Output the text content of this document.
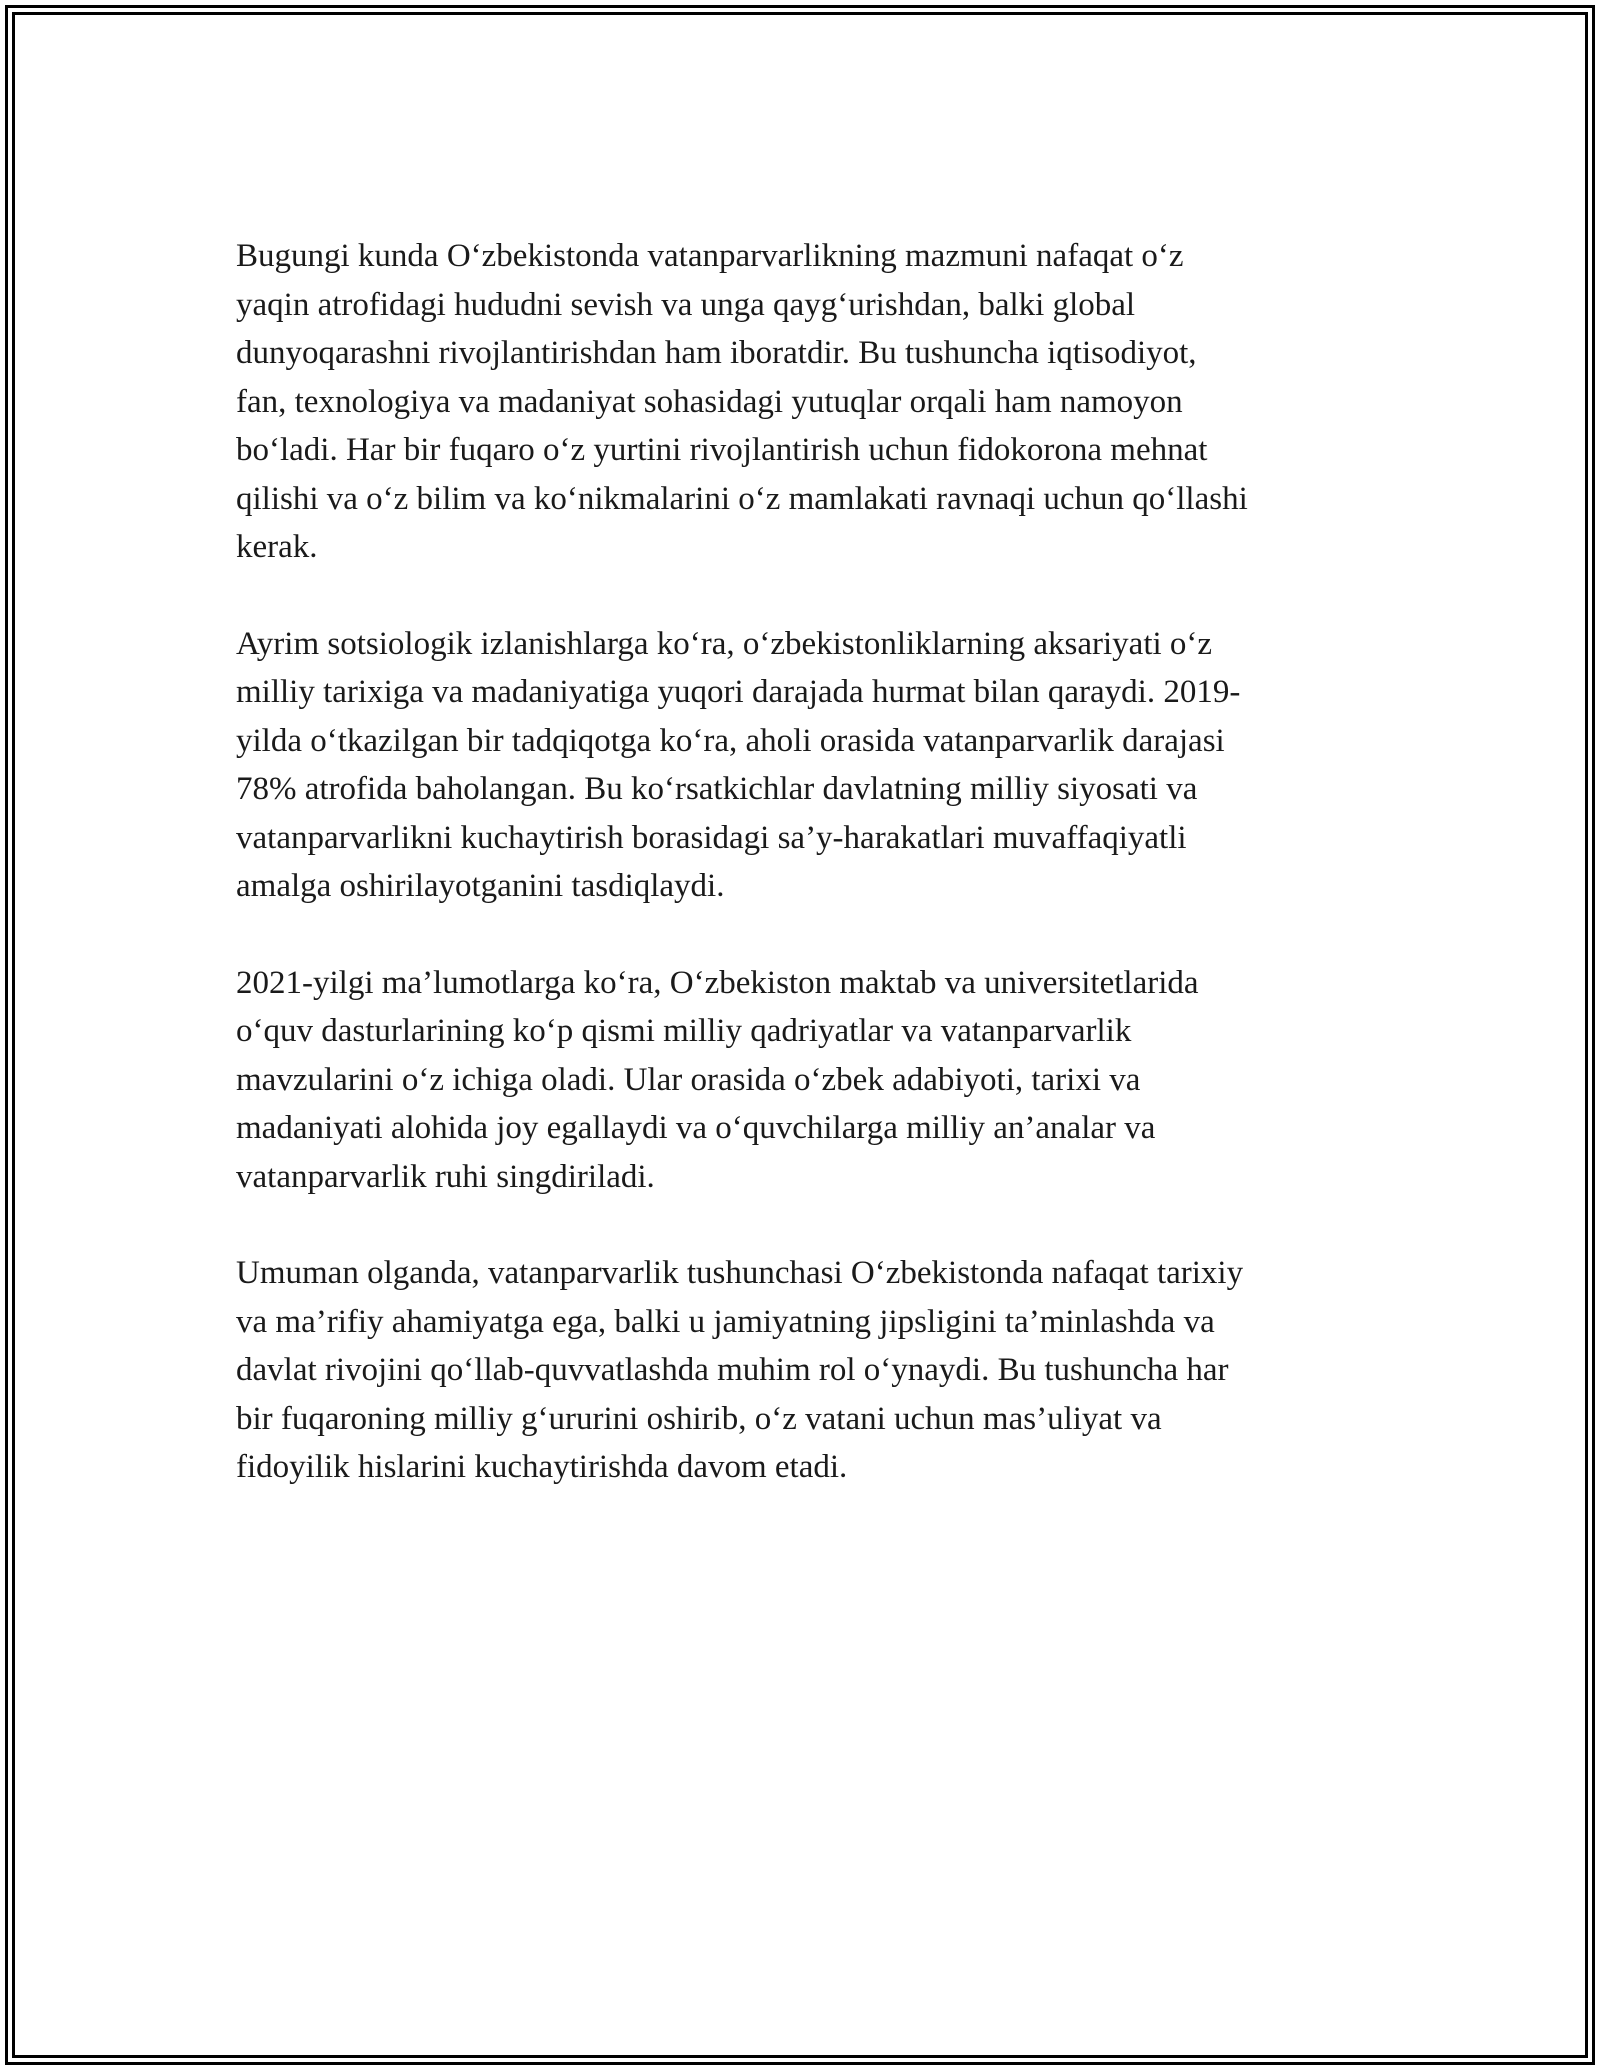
Bugungi kunda O‘zbekistonda vatanparvarlikning mazmuni nafaqat o‘z
yaqin atrofidagi hududni sevish va unga qayg‘urishdan, balki global
dunyoqarashni rivojlantirishdan ham iboratdir. Bu tushuncha iqtisodiyot,
fan, texnologiya va madaniyat sohasidagi yutuqlar orqali ham namoyon
bo‘ladi. Har bir fuqaro o‘z yurtini rivojlantirish uchun fidokorona mehnat
qilishi va o‘z bilim va ko‘nikmalarini o‘z mamlakati ravnaqi uchun qo‘llashi
kerak.

Ayrim sotsiologik izlanishlarga ko‘ra, o‘zbekistonliklarning aksariyati o‘z
milliy tarixiga va madaniyatiga yuqori darajada hurmat bilan qaraydi. 2019-
yilda o‘tkazilgan bir tadqiqotga ko‘ra, aholi orasida vatanparvarlik darajasi
78% atrofida baholangan. Bu ko‘rsatkichlar davlatning milliy siyosati va
vatanparvarlikni kuchaytirish borasidagi sa’y-harakatlari muvaffaqiyatli
amalga oshirilayotganini tasdiqlaydi.

2021-yilgi ma’lumotlarga ko‘ra, O‘zbekiston maktab va universitetlarida
o‘quv dasturlarining ko‘p qismi milliy qadriyatlar va vatanparvarlik
mavzularini o‘z ichiga oladi. Ular orasida o‘zbek adabiyoti, tarixi va
madaniyati alohida joy egallaydi va o‘quvchilarga milliy an’analar va
vatanparvarlik ruhi singdiriladi.

Umuman olganda, vatanparvarlik tushunchasi O‘zbekistonda nafaqat tarixiy
va ma’rifiy ahamiyatga ega, balki u jamiyatning jipsligini ta’minlashda va
davlat rivojini qo‘llab-quvvatlashda muhim rol o‘ynaydi. Bu tushuncha har
bir fuqaroning milliy g‘ururini oshirib, o‘z vatani uchun mas’uliyat va
fidoyilik hislarini kuchaytirishda davom etadi.
